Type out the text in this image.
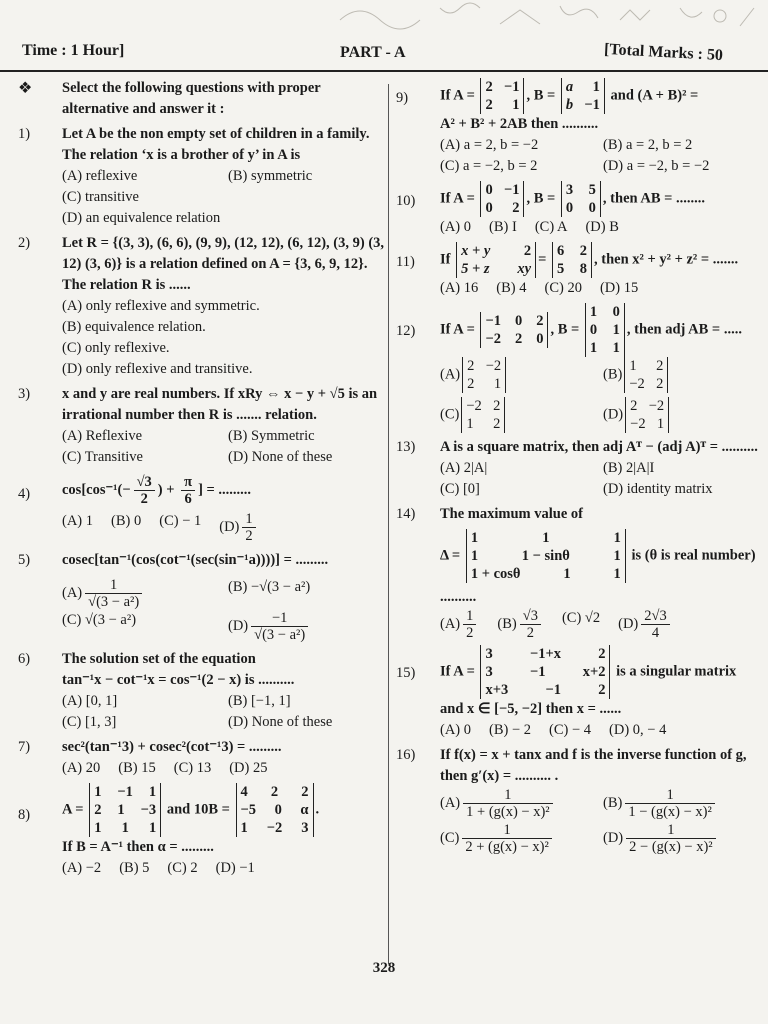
Time : 1 Hour]	PART - A	[Total Marks : 50
❖ Select the following questions with proper alternative and answer it :
1)	Let A be the non empty set of children in a family. The relation ‘x is a brother of y’ in A is
(A) reflexive	(B) symmetric
(C) transitive
(D) an equivalence relation
2)	Let R = {(3, 3), (6, 6), (9, 9), (12, 12), (6, 12), (3, 9) (3, 12) (3, 6)} is a relation defined on A = {3, 6, 9, 12}. The relation R is ......
(A) only reflexive and symmetric.
(B) equivalence relation.
(C) only reflexive.
(D) only reflexive and transitive.
3)	x and y are real numbers. If xRy ⇔ x − y + √5 is an irrational number then R is ....... relation.
(A) Reflexive	(B) Symmetric
(C) Transitive	(D) None of these
4)	$\cos[\cos^{-1}(- \frac{√3}{2}$ ) + $\frac{\pi}{6}$ ] = .........
(A) 1 (B) 0 (C) − 1 $(D) \frac{1}{2}$
5)	cosec[tan⁻¹(cos(cot⁻¹(sec(sin⁻¹a))))] = .........
$(A) \frac{1}{\text{√(3 − a²)}}$	(B) −√(3 − a²)
(C) √(3 − a²)	$(D) \frac{-1}{\text{√(3 − a²)}}$
6)	The solution set of the equation
tan⁻¹x − cot⁻¹x = cos⁻¹(2 − x) is ..........
(A) [0, 1]	(B) [−1, 1]
(C) [1, 3]	(D) None of these
7)	sec²(tan⁻¹3) + cosec²(cot⁻¹3) = .........
(A) 20 (B) 15 (C) 13 (D) 25
8)	A =
1 −1 1
2 1 −3
1 1 1
and 10B =
4 2 2
−5 0 α
1 −2 3
.
If B = A⁻¹ then α = .........
(A) −2 (B) 5 (C) 2 (D) −1
9)	If A =
2 −1
2 1
, B =
a 1
b −1
and (A + B)² =
A² + B² + 2AB then ..........
(A) a = 2, b = −2	(B) a = 2, b = 2
(C) a = −2, b = 2	(D) a = −2, b = −2
10)	If A =
0 −1
0 2
, B =
3 5
0 0
, then AB = ........
(A) 0 (B) I (C) A (D) B
11)	If
x + y 2
5 + z xy
=
6 2
5 8
, then x² + y² + z² = .......
(A) 16 (B) 4 (C) 20 (D) 15
12)	If A =
−1 0 2
−2 2 0
, B =
1 0
0 1
1 1
, then adj AB = .....
(A)
2 −2
2 1
(B)
1 2
−2 2
(C)
−2 2
1 2
(D)
2 −2
−2 1
13)	A is a square matrix, then adj Aᵀ − (adj A)ᵀ = ..........
(A) 2|A|	(B) 2|A|I
(C) [0]	(D) identity matrix
14)	The maximum value of
Δ =
1	1	1
1	1 − sinθ	1
1 + cosθ	1	1
is (θ is real number)
..........
$(A) \frac{1}{2} (B) \frac{√3}{2} (C)$ √2 $(D) \frac{2√3}{4}$
15)	If A =
3	−1+x	2
3	−1	x+2
x+3	−1	2
is a singular matrix
and x ∈ [−5, −2] then x = ......
(A) 0 (B) − 2 (C) − 4 (D) 0, − 4
16)	If f(x) = x + tanx and f is the inverse function of g, then g′(x) = .......... .
$(A) \frac{1}{\text{1 + (g(x) − x)²}}$	$(B) \frac{1}{\text{1 − (g(x) − x)²}}$
$(C) \frac{1}{\text{2 + (g(x) − x)²}}$	$(D) \frac{1}{\text{2 − (g(x) − x)²}}$
328
